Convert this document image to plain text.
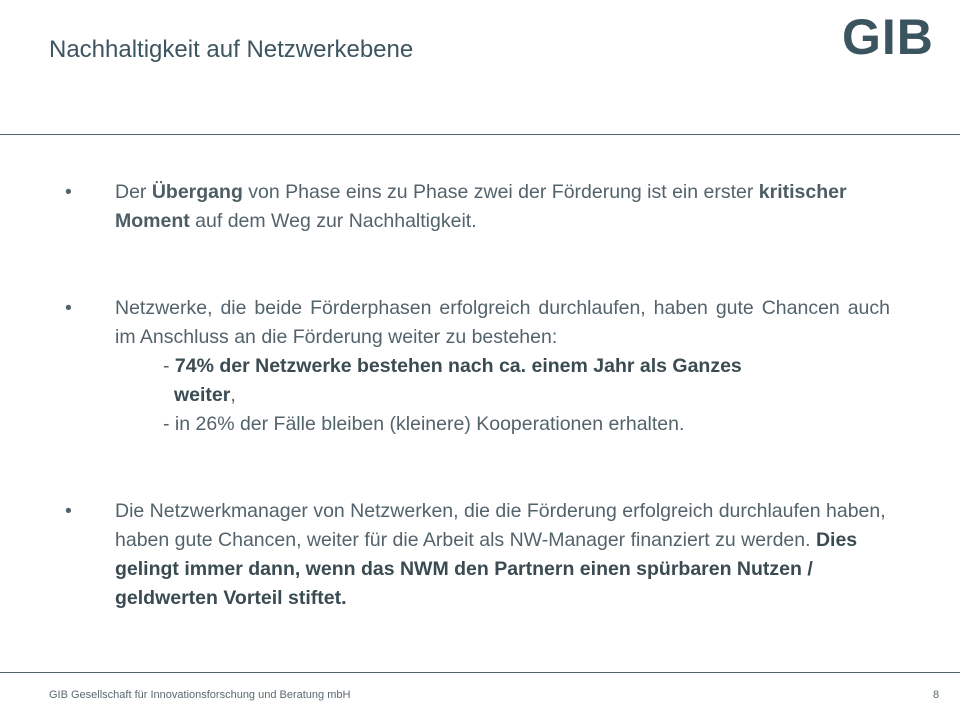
Nachhaltigkeit auf Netzwerkebene	GIB
• Der Übergang von Phase eins zu Phase zwei der Förderung ist ein erster kritischer Moment auf dem Weg zur Nachhaltigkeit.
• Netzwerke, die beide Förderphasen erfolgreich durchlaufen, haben gute Chancen auch im Anschluss an die Förderung weiter zu bestehen:
- 74% der Netzwerke bestehen nach ca. einem Jahr als Ganzes
weiter,
- in 26% der Fälle bleiben (kleinere) Kooperationen erhalten.
• Die Netzwerkmanager von Netzwerken, die die Förderung erfolgreich durchlaufen haben, haben gute Chancen, weiter für die Arbeit als NW-Manager finanziert zu werden. Dies gelingt immer dann, wenn das NWM den Partnern einen spürbaren Nutzen / geldwerten Vorteil stiftet.
GIB Gesellschaft für Innovationsforschung und Beratung mbH	8
